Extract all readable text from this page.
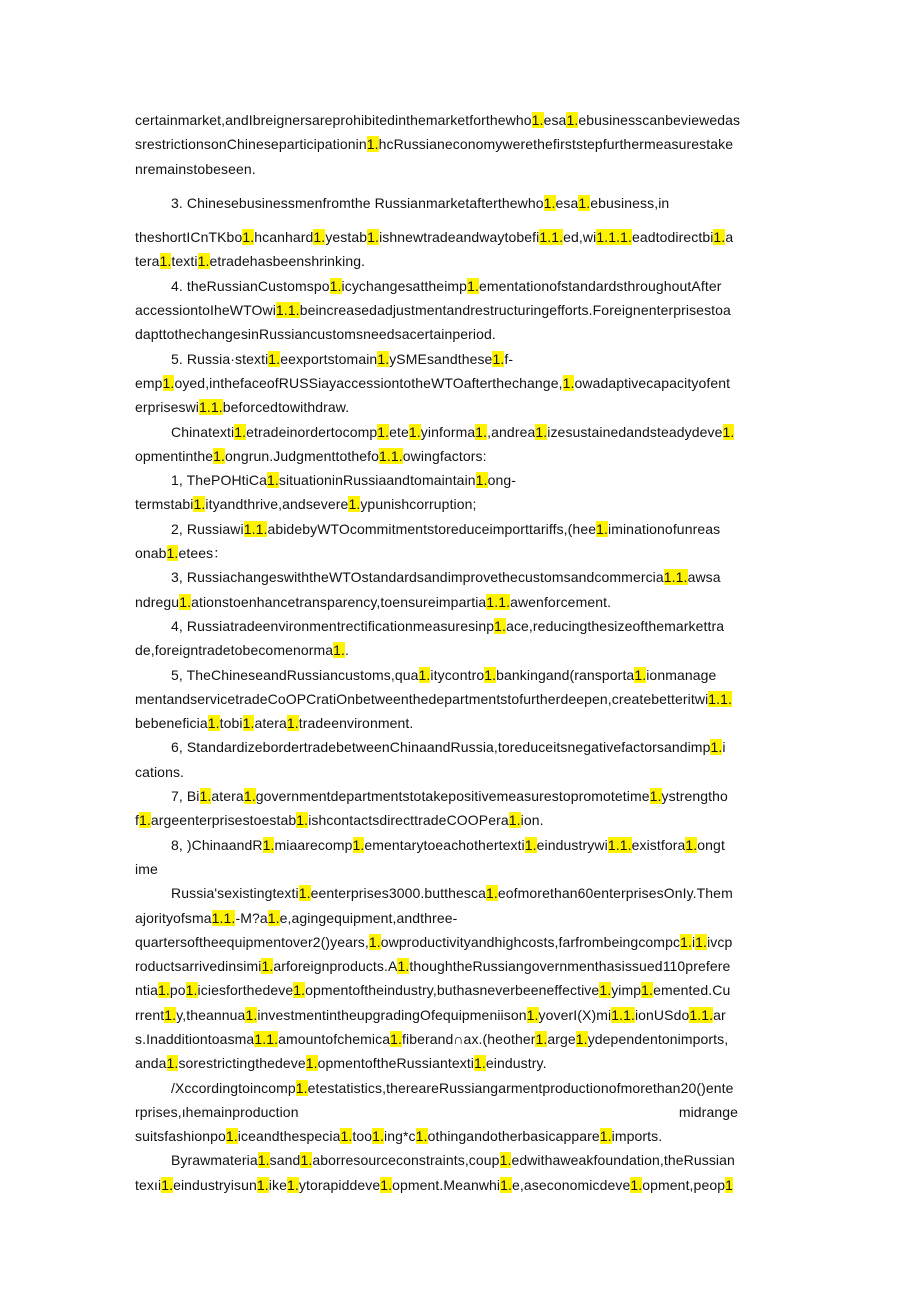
certainmarket,andIbreignersareprohibitedinthemarketforthewho1.esa1.ebusinesscanbeviewedas
srestrictionsonChineseparticipationin1.hcRussianeconomywerethefirststepfurthermeasurestake
nremainstobeseen.
3. Chinesebusinessmenfromthe Russianmarketafterthewho1.esa1.ebusiness,in
theshortICnTKbo1.hcanhard1.yestab1.ishnewtradeandwaytobefi1.1.ed,wi1.1.1.eadtodirectbi1.a
tera1.texti1.etradehasbeenshrinking.
4. theRussianCustomspo1.icychangesattheimp1.ementationofstandardsthroughoutAfter
accessiontoIheWTOwi1.1.beincreasedadjustmentandrestructuringefforts.Foreignenterprisestoa
dapttothechangesinRussiancustomsneedsacertainperiod.
5. Russia·stexti1.eexportstomain1.ySMEsandthese1.f-
emp1.oyed,inthefaceofRUSSiayaccessiontotheWTOafterthechange,1.owadaptivecapacityofent
erpriseswi1.1.beforcedtowithdraw.
Chinatexti1.etradeinordertocomp1.ete1.yinforma1.,andrea1.izesustainedandsteadydeve1.
opmentinthe1.ongrun.Judgmenttothefo1.1.owingfactors:
1, ThePOHtiCa1.situationinRussiaandtomaintain1.ong-
termstabi1.ityandthrive,andsevere1.ypunishcorruption;
2, Russiawi1.1.abidebyWTOcommitmentstoreduceimporttariffs,(hee1.iminationofunreas
onab1.etees：
3, RussiachangeswiththeWTOstandardsandimprovethecustomsandcommercia1.1.awsa
ndregu1.ationstoenhancetransparency,toensureimpartia1.1.awenforcement.
4, Russiatradeenvironmentrectificationmeasuresinp1.ace,reducingthesizeofthemarkettra
de,foreigntradetobecomenorma1..
5, TheChineseandRussiancustoms,qua1.itycontro1.bankingand(ransporta1.ionmanage
mentandservicetradeCoOPCratiOnbetweenthedepartmentstofurtherdeepen,createbetteritwi1.1.
bebeneficia1.tobi1.atera1.tradeenvironment.
6, StandardizebordertradebetweenChinaandRussia,toreduceitsnegativefactorsandimp1.i
cations.
7, Bi1.atera1.governmentdepartmentstotakepositivemeasurestopromotetime1.ystrengtho
f1.argeenterprisestoestab1.ishcontactsdirecttradeCOOPera1.ion.
8, )ChinaandR1.miaarecomp1.ementarytoeachothertexti1.eindustrywi1.1.existfora1.ongt
ime
Russia'sexistingtexti1.eenterprises3000.butthesca1.eofmorethan60enterprisesOnIy.Them
ajorityofsma1.1.-M?a1.e,agingequipment,andthree-
quartersoftheequipmentover2()years,1.owproductivityandhighcosts,farfrombeingcompc1.i1.ivcp
roductsarrivedinsimi1.arforeignproducts.A1.thoughtheRussiangovernmenthasissued110prefere
ntia1.po1.iciesforthedeve1.opmentoftheindustry,buthasneverbeeneffective1.yimp1.emented.Cu
rrent1.y,theannua1.investmentintheupgradingOfequipmeniison1.yoverI(X)mi1.1.ionUSdo1.1.ar
s.Inadditiontoasma1.1.amountofchemica1.fiberand∩ax.(heother1.arge1.ydependentonimports,
anda1.sorestrictingthedeve1.opmentoftheRussiantexti1.eindustry.
/Xccordingtoincomp1.etestatistics,thereareRussiangarmentproductionofmorethan20()ente
rprises,ıhemainproduction	midrange
suitsfashionpo1.iceandthespecia1.too1.ing*c1.othingandotherbasicappare1.imports.
Byrawmateria1.sand1.aborresourceconstraints,coup1.edwithaweakfoundation,theRussian
texıi1.eindustryisun1.ike1.ytorapiddeve1.opment.Meanwhi1.e,aseconomicdeve1.opment,peop1
